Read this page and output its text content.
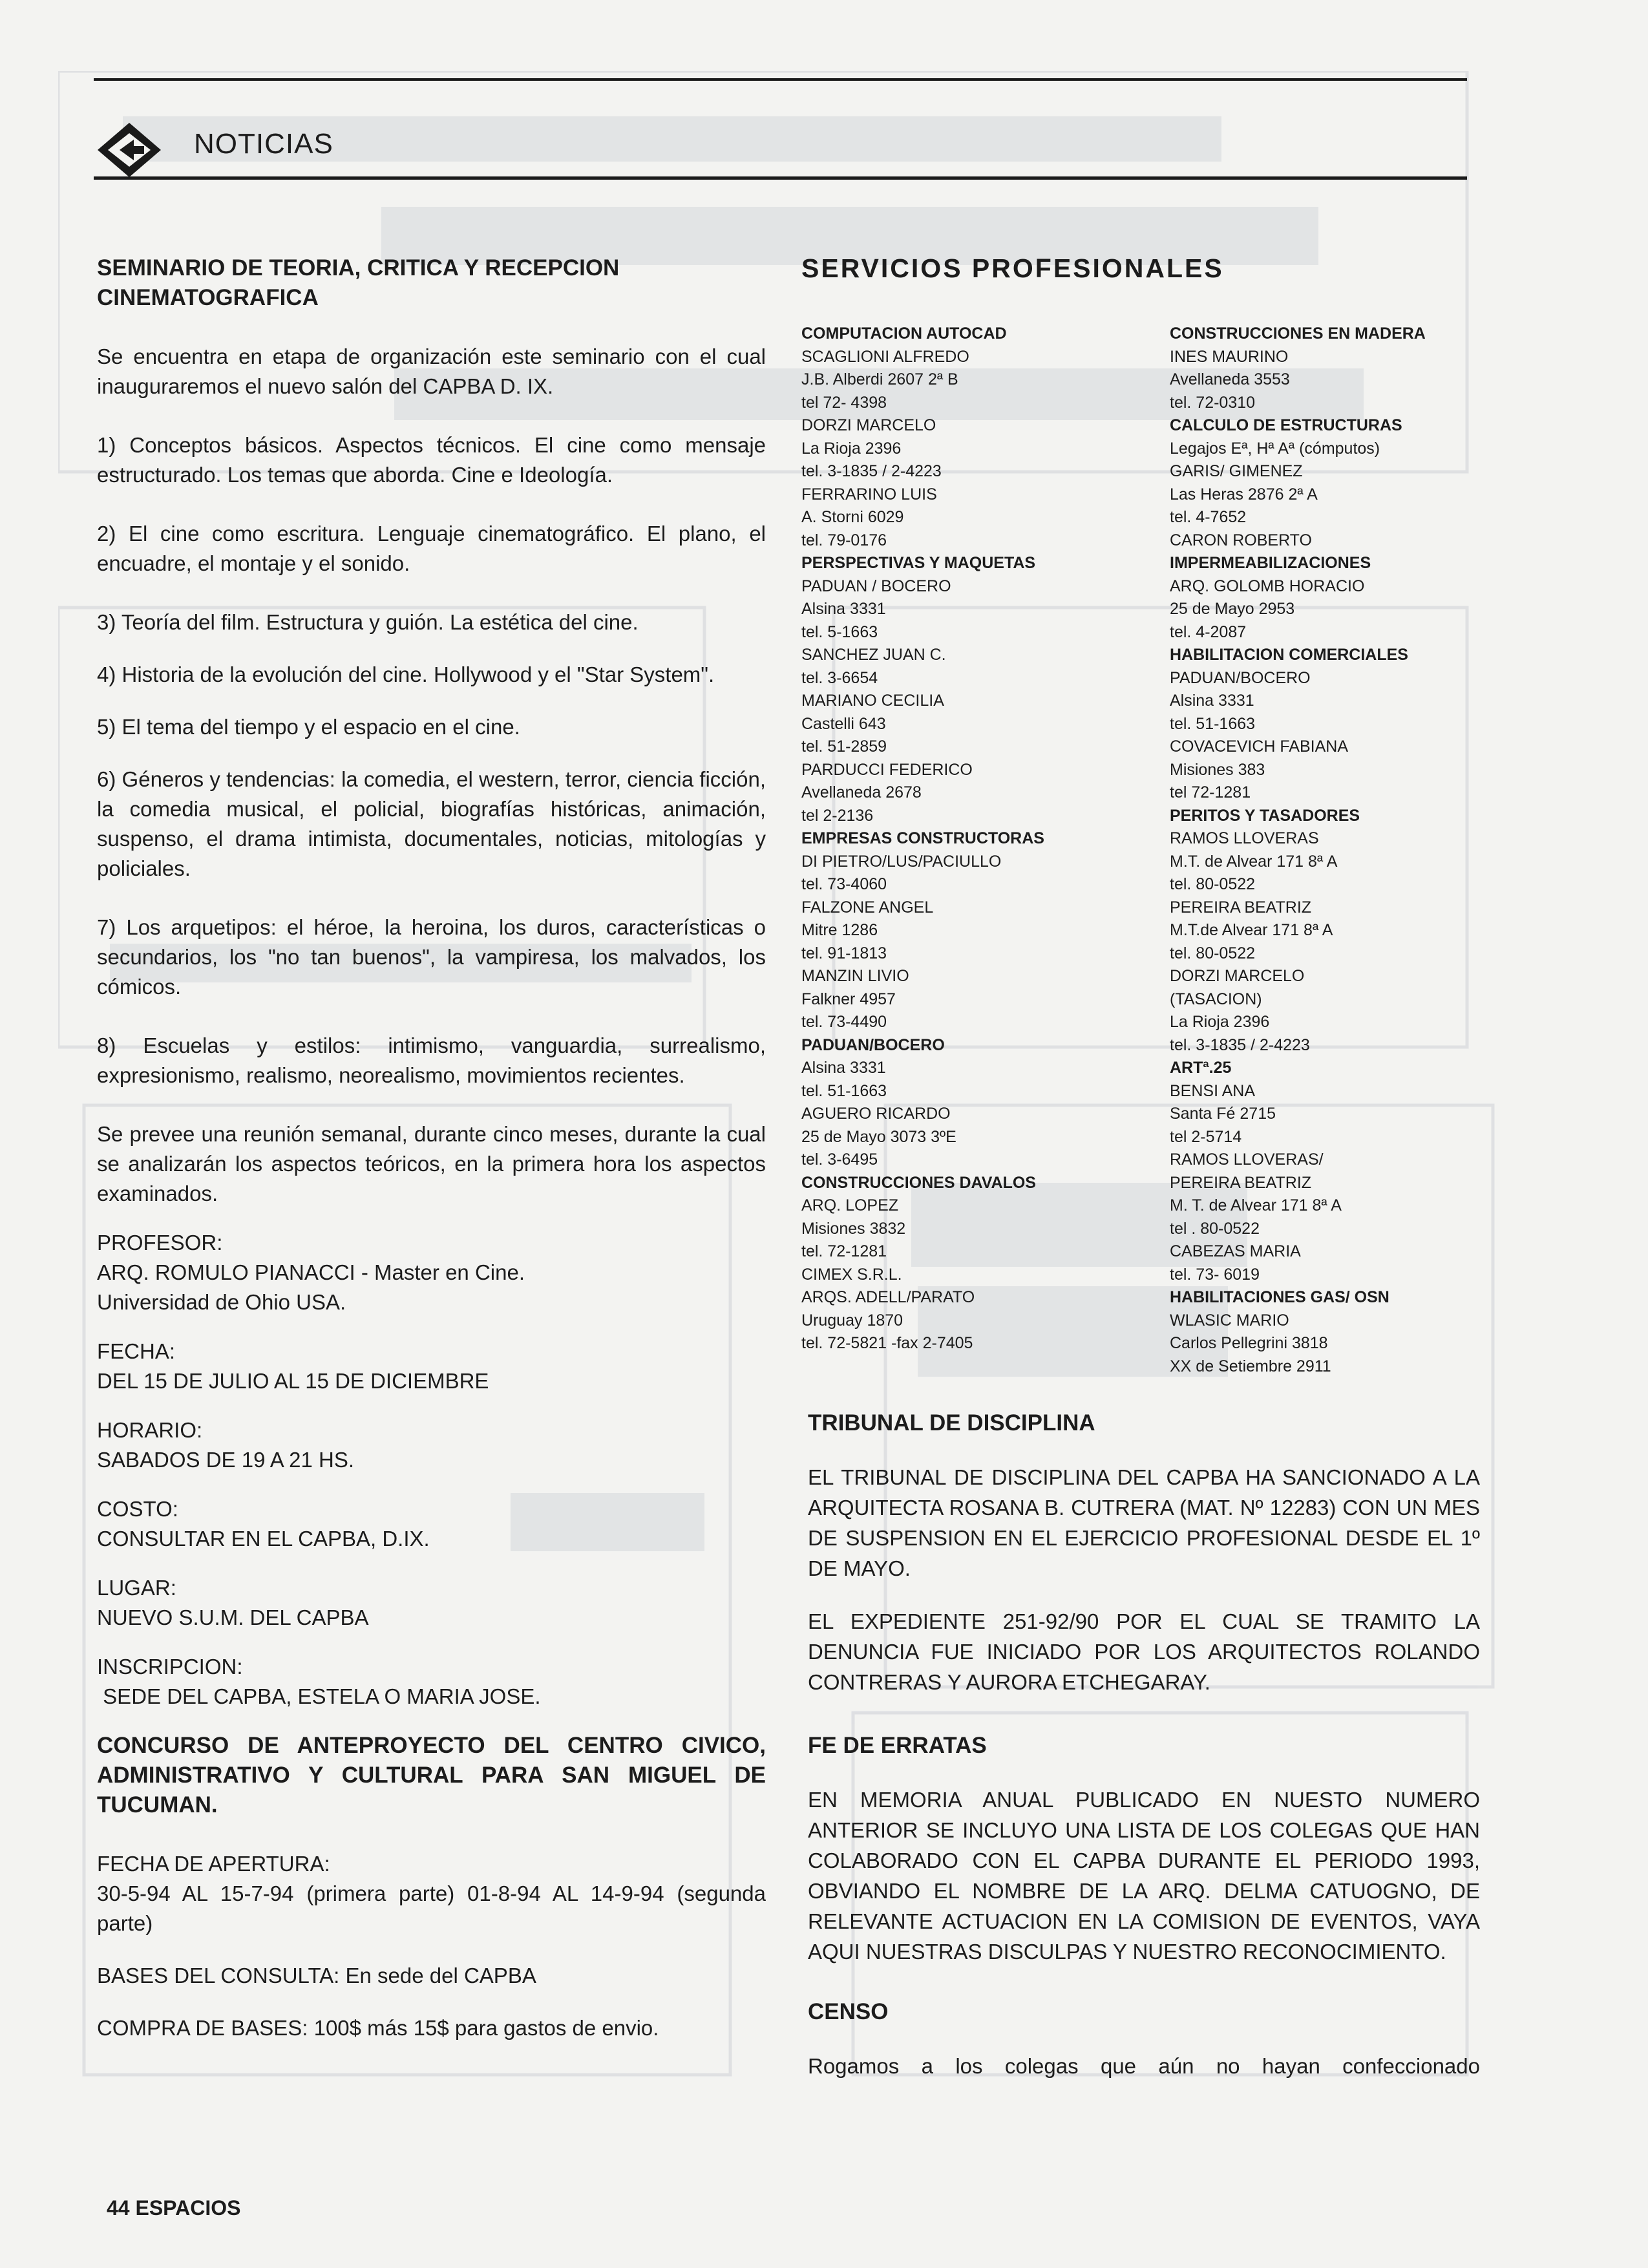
NOTICIAS
SEMINARIO DE TEORIA, CRITICA Y RECEPCION CINEMATOGRAFICA
Se encuentra en etapa de organización este seminario con el cual inauguraremos el nuevo salón del CAPBA D. IX.
1) Conceptos básicos. Aspectos técnicos. El cine como mensaje estructurado. Los temas que aborda. Cine e Ideología.
2) El cine como escritura. Lenguaje cinematográfico. El plano, el encuadre, el montaje y el sonido.
3) Teoría del film. Estructura y guión. La estética del cine.
4) Historia de la evolución del cine. Hollywood y el "Star System".
5) El tema del tiempo y el espacio en el cine.
6) Géneros y tendencias: la comedia, el western, terror, ciencia ficción, la comedia musical, el policial, biografías históricas, animación, suspenso, el drama intimista, documentales, noticias, mitologías y policiales.
7) Los arquetipos: el héroe, la heroina, los duros, características o secundarios, los "no tan buenos", la vampiresa, los malvados, los cómicos.
8) Escuelas y estilos: intimismo, vanguardia, surrealismo, expresionismo, realismo, neorealismo, movimientos recientes.
Se prevee una reunión semanal, durante cinco meses, durante la cual se analizarán los aspectos teóricos, en la primera hora los aspectos examinados.
PROFESOR:
ARQ. ROMULO PIANACCI - Master en Cine.
Universidad de Ohio USA.
FECHA:
DEL 15 DE JULIO AL 15 DE DICIEMBRE
HORARIO:
SABADOS DE 19 A 21 HS.
COSTO:
CONSULTAR EN EL CAPBA, D.IX.
LUGAR:
NUEVO S.U.M. DEL CAPBA
INSCRIPCION:
SEDE DEL CAPBA, ESTELA O MARIA JOSE.
CONCURSO DE ANTEPROYECTO DEL CENTRO CIVICO, ADMINISTRATIVO Y CULTURAL PARA SAN MIGUEL DE TUCUMAN.
FECHA DE APERTURA:
30-5-94 AL 15-7-94 (primera parte) 01-8-94 AL 14-9-94 (segunda parte)
BASES DEL CONSULTA: En sede del CAPBA
COMPRA DE BASES: 100$ más 15$ para gastos de envio.
SERVICIOS PROFESIONALES
COMPUTACION AUTOCAD
SCAGLIONI ALFREDO
J.B. Alberdi 2607 2ª B
tel 72- 4398
DORZI MARCELO
La Rioja 2396
tel. 3-1835 / 2-4223
FERRARINO LUIS
A. Storni 6029
tel. 79-0176
PERSPECTIVAS Y MAQUETAS
PADUAN / BOCERO
Alsina 3331
tel. 5-1663
SANCHEZ JUAN C.
tel. 3-6654
MARIANO CECILIA
Castelli 643
tel. 51-2859
PARDUCCI FEDERICO
Avellaneda 2678
tel 2-2136
EMPRESAS CONSTRUCTORAS
DI PIETRO/LUS/PACIULLO
tel. 73-4060
FALZONE ANGEL
Mitre 1286
tel. 91-1813
MANZIN LIVIO
Falkner 4957
tel. 73-4490
PADUAN/BOCERO
Alsina 3331
tel. 51-1663
AGUERO RICARDO
25 de Mayo 3073 3ºE
tel. 3-6495
CONSTRUCCIONES DAVALOS
ARQ. LOPEZ
Misiones 3832
tel. 72-1281
CIMEX S.R.L.
ARQS. ADELL/PARATO
Uruguay 1870
tel. 72-5821 -fax 2-7405
CONSTRUCCIONES EN MADERA
INES MAURINO
Avellaneda 3553
tel. 72-0310
CALCULO DE ESTRUCTURAS
Legajos Eª, Hª Aª (cómputos)
GARIS/ GIMENEZ
Las Heras 2876 2ª A
tel. 4-7652
CARON ROBERTO
IMPERMEABILIZACIONES
ARQ. GOLOMB HORACIO
25 de Mayo 2953
tel. 4-2087
HABILITACION COMERCIALES
PADUAN/BOCERO
Alsina 3331
tel. 51-1663
COVACEVICH FABIANA
Misiones 383
tel 72-1281
PERITOS Y TASADORES
RAMOS LLOVERAS
M.T. de Alvear 171 8ª A
tel. 80-0522
PEREIRA BEATRIZ
M.T.de Alvear 171 8ª A
tel. 80-0522
DORZI MARCELO
(TASACION)
La Rioja 2396
tel. 3-1835 / 2-4223
ARTª.25
BENSI ANA
Santa Fé 2715
tel 2-5714
RAMOS LLOVERAS/
PEREIRA BEATRIZ
M. T. de Alvear 171 8ª A
tel . 80-0522
CABEZAS MARIA
tel. 73- 6019
HABILITACIONES GAS/ OSN
WLASIC MARIO
Carlos Pellegrini 3818
XX de Setiembre 2911
TRIBUNAL DE DISCIPLINA
EL TRIBUNAL DE DISCIPLINA DEL CAPBA HA SANCIONADO A LA ARQUITECTA ROSANA B. CUTRERA (MAT. Nº 12283) CON UN MES DE SUSPENSION EN EL EJERCICIO PROFESIONAL DESDE EL 1º DE MAYO.
EL EXPEDIENTE 251-92/90 POR EL CUAL SE TRAMITO LA DENUNCIA FUE INICIADO POR LOS ARQUITECTOS ROLANDO CONTRERAS Y AURORA ETCHEGARAY.
FE DE ERRATAS
EN MEMORIA ANUAL PUBLICADO EN NUESTO NUMERO ANTERIOR SE INCLUYO UNA LISTA DE LOS COLEGAS QUE HAN COLABORADO CON EL CAPBA DURANTE EL PERIODO 1993, OBVIANDO EL NOMBRE DE LA ARQ. DELMA CATUOGNO, DE RELEVANTE ACTUACION EN LA COMISION DE EVENTOS, VAYA AQUI NUESTRAS DISCULPAS Y NUESTRO RECONOCIMIENTO.
CENSO
Rogamos a los colegas que aún no hayan confeccionado
44 ESPACIOS
